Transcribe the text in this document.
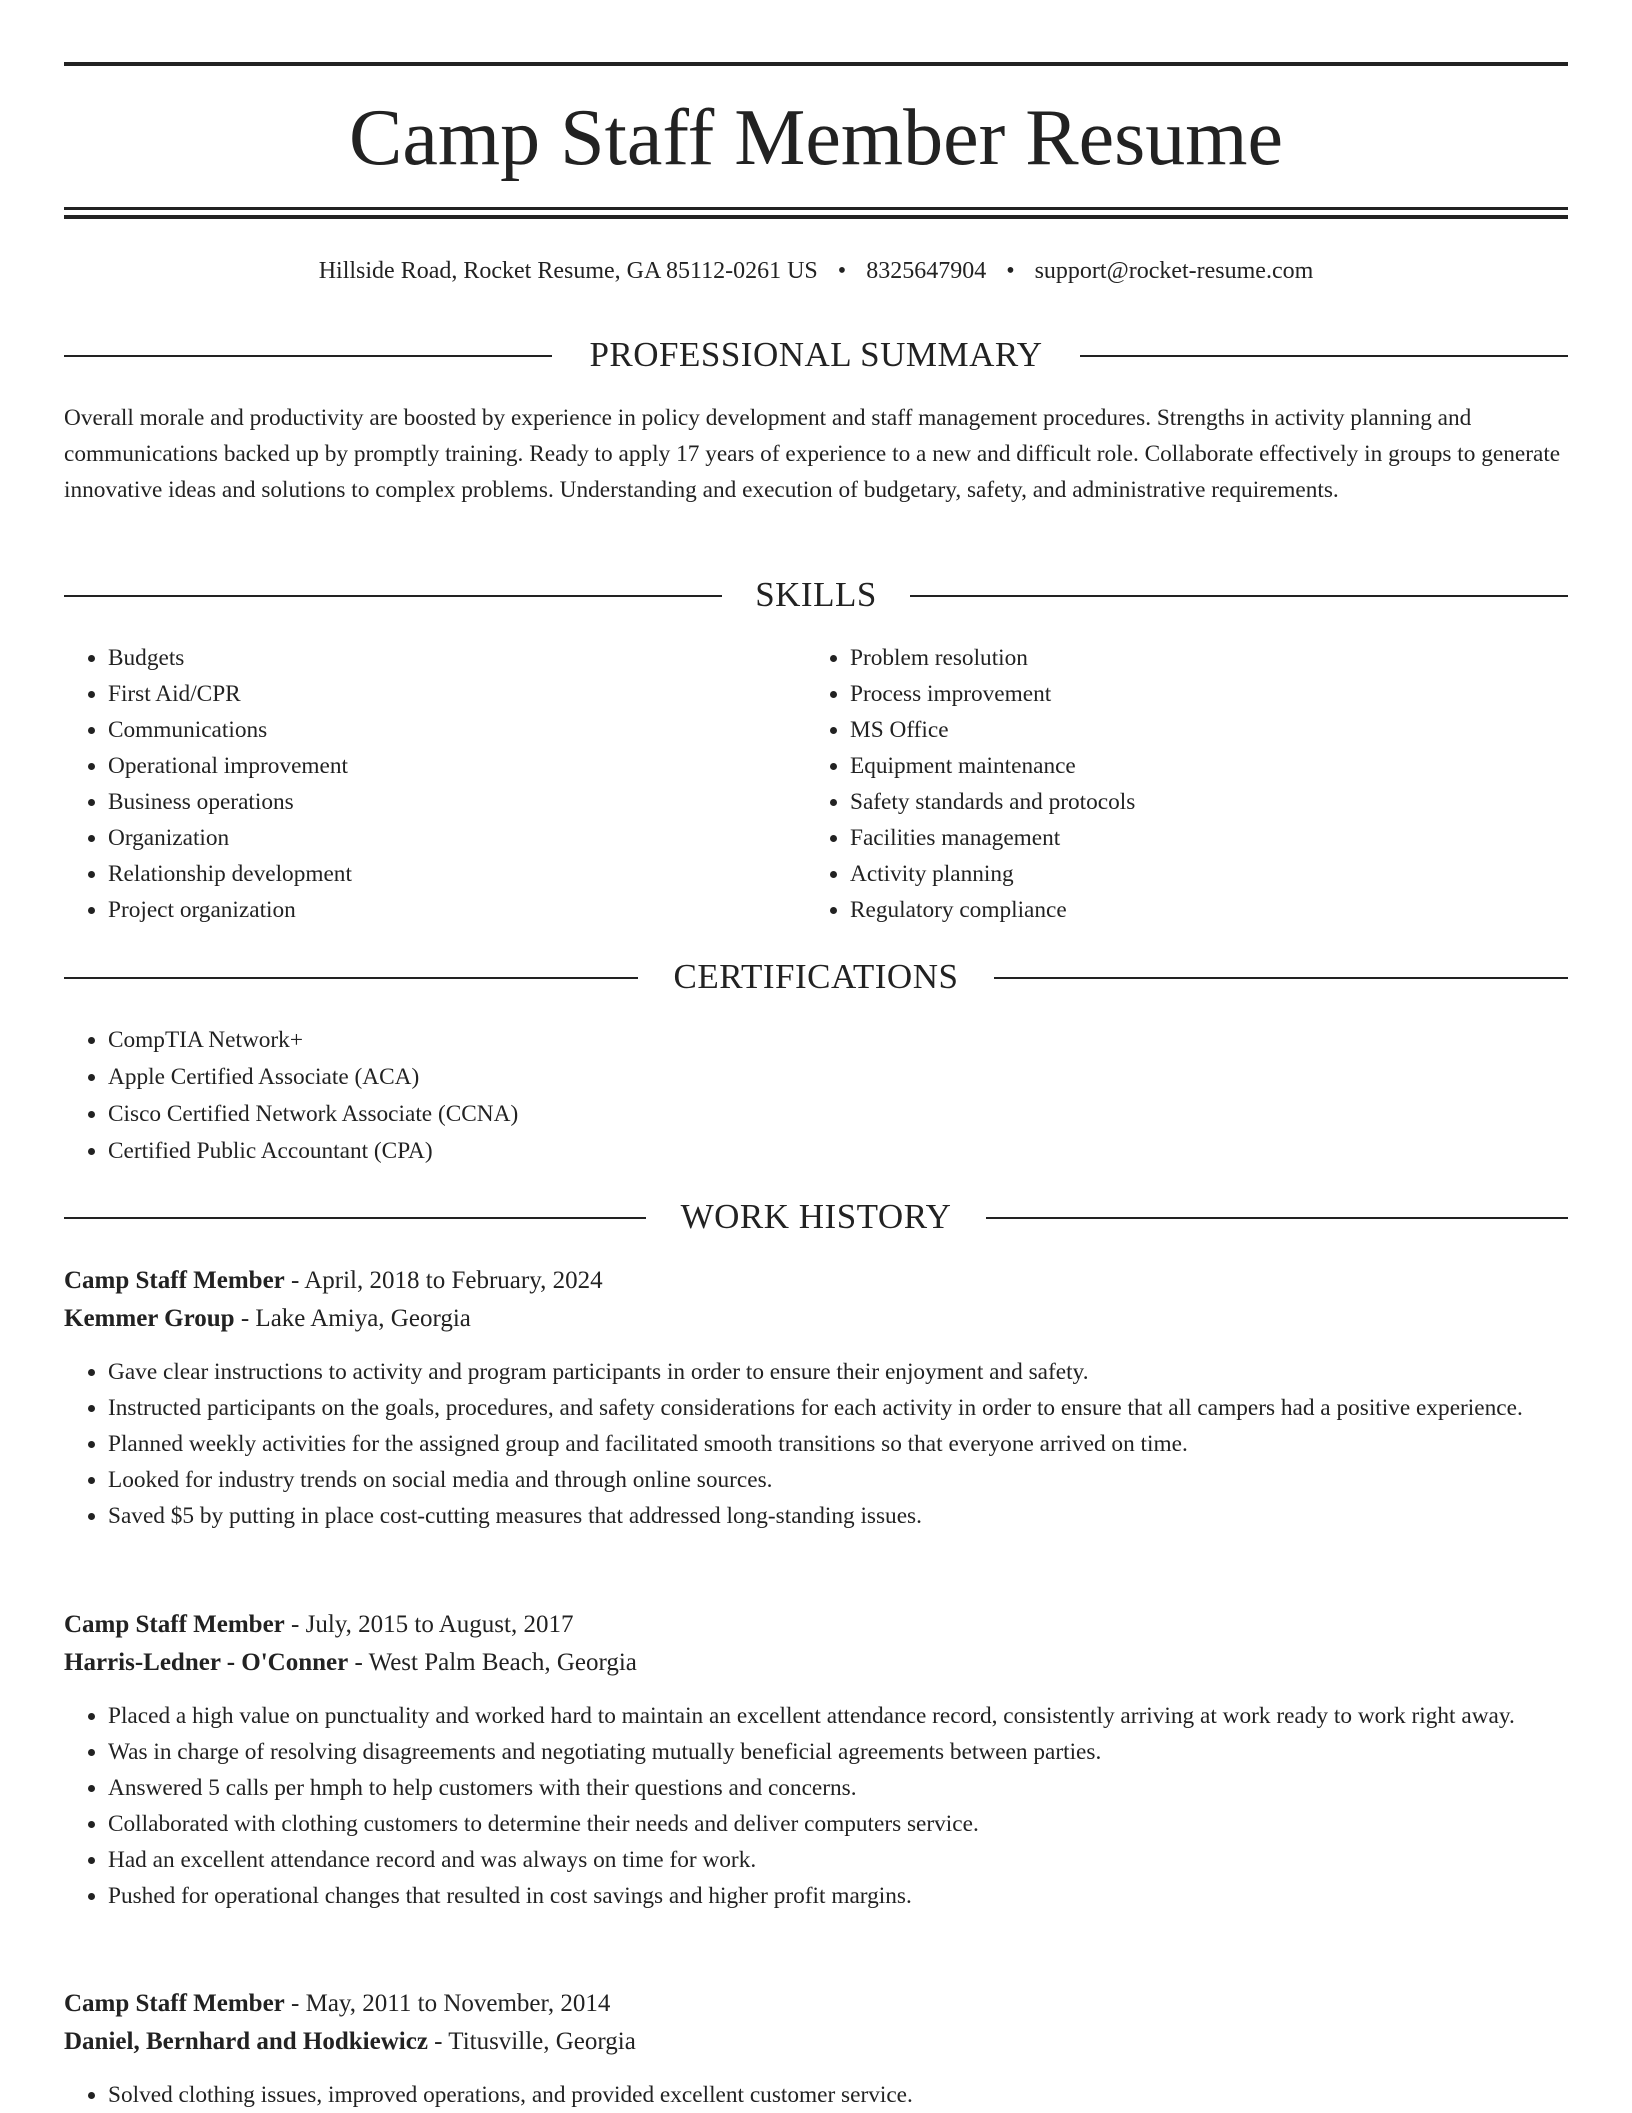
Camp Staff Member Resume
Hillside Road, Rocket Resume, GA 85112-0261 US • 8325647904 • support@rocket-resume.com
PROFESSIONAL SUMMARY

Overall morale and productivity are boosted by experience in policy development and staff management procedures. Strengths in activity planning and communications backed up by promptly training. Ready to apply 17 years of experience to a new and difficult role. Collaborate effectively in groups to generate innovative ideas and solutions to complex problems. Understanding and execution of budgetary, safety, and administrative requirements.

SKILLS
• Budgets
• First Aid/CPR
• Communications
• Operational improvement
• Business operations
• Organization
• Relationship development
• Project organization
• Problem resolution
• Process improvement
• MS Office
• Equipment maintenance
• Safety standards and protocols
• Facilities management
• Activity planning
• Regulatory compliance
CERTIFICATIONS
• CompTIA Network+
• Apple Certified Associate (ACA)
• Cisco Certified Network Associate (CCNA)
• Certified Public Accountant (CPA)
WORK HISTORY
Camp Staff Member - April, 2018 to February, 2024
Kemmer Group - Lake Amiya, Georgia
• Gave clear instructions to activity and program participants in order to ensure their enjoyment and safety.
• Instructed participants on the goals, procedures, and safety considerations for each activity in order to ensure that all campers had a positive experience.
• Planned weekly activities for the assigned group and facilitated smooth transitions so that everyone arrived on time.
• Looked for industry trends on social media and through online sources.
• Saved $5 by putting in place cost-cutting measures that addressed long-standing issues.
Camp Staff Member - July, 2015 to August, 2017
Harris-Ledner - O'Conner - West Palm Beach, Georgia
• Placed a high value on punctuality and worked hard to maintain an excellent attendance record, consistently arriving at work ready to work right away.
• Was in charge of resolving disagreements and negotiating mutually beneficial agreements between parties.
• Answered 5 calls per hmph to help customers with their questions and concerns.
• Collaborated with clothing customers to determine their needs and deliver computers service.
• Had an excellent attendance record and was always on time for work.
• Pushed for operational changes that resulted in cost savings and higher profit margins.
Camp Staff Member - May, 2011 to November, 2014
Daniel, Bernhard and Hodkiewicz - Titusville, Georgia
• Solved clothing issues, improved operations, and provided excellent customer service.
